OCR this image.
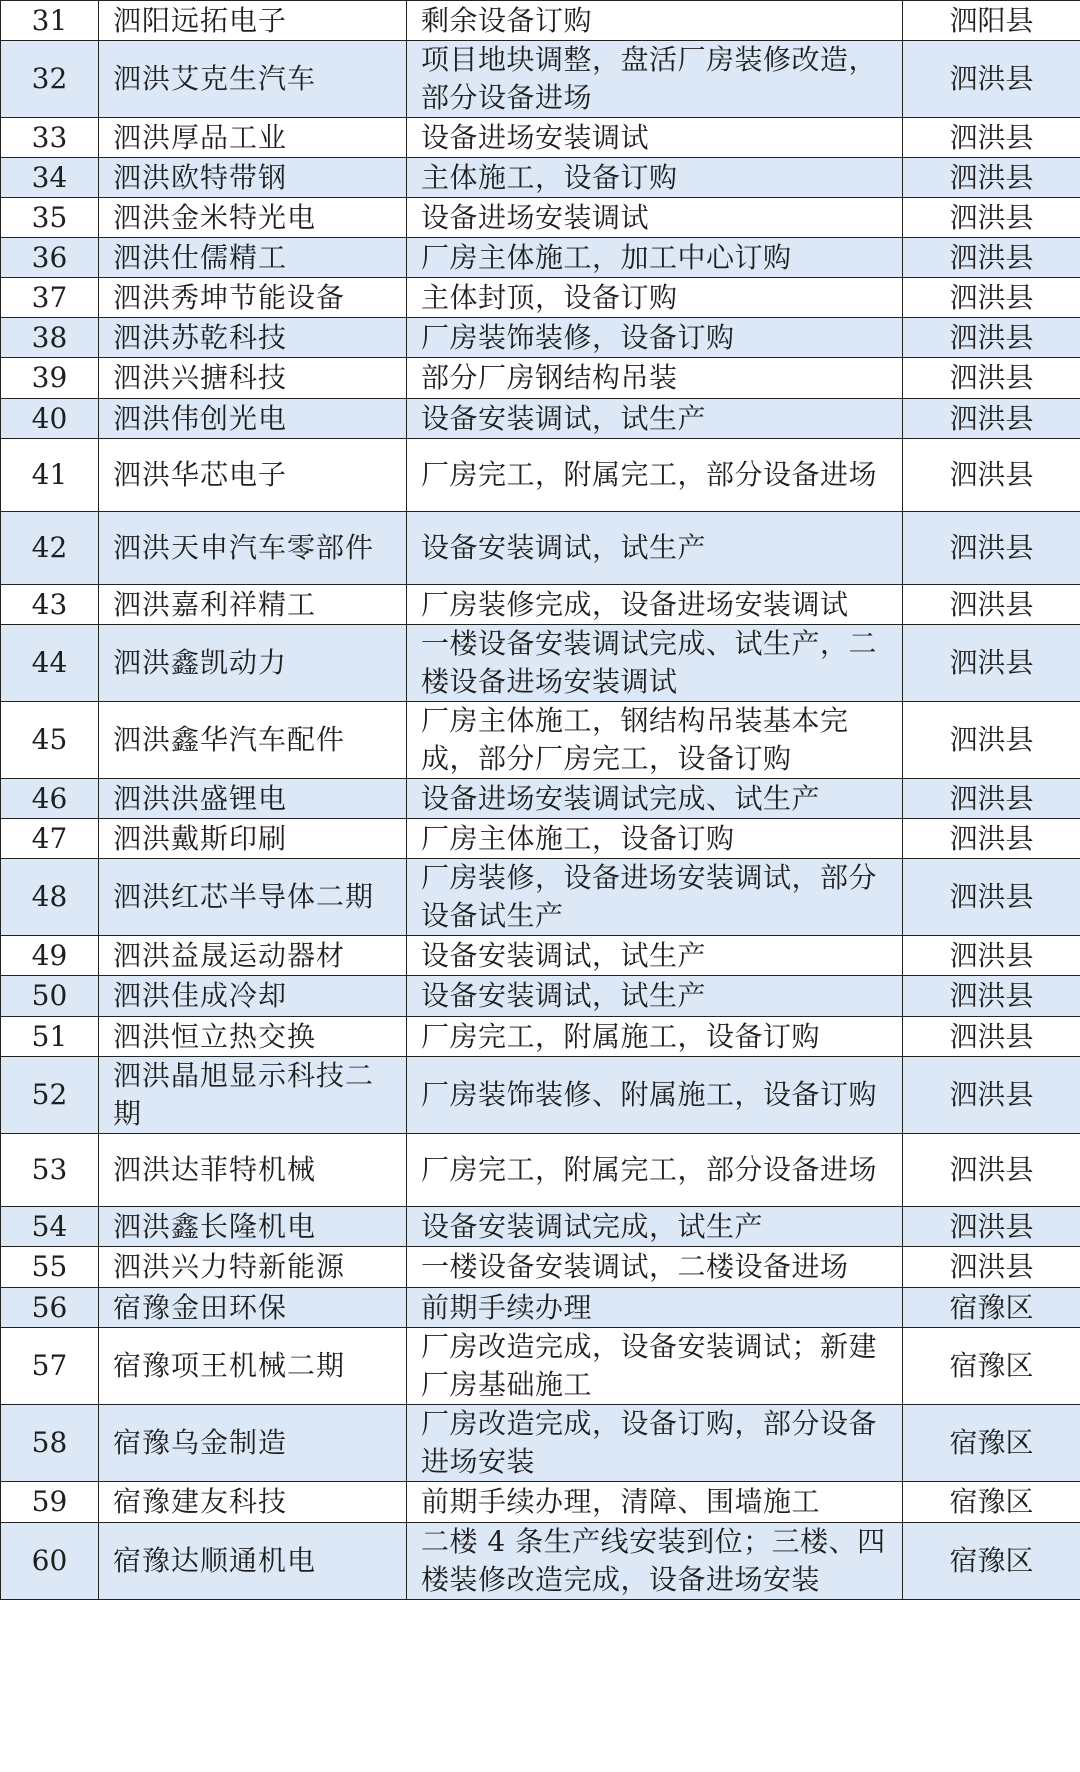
31	泗阳远拓电子	剩余设备订购	泗阳县
32	泗洪艾克生汽车	项目地块调整，盘活厂房装修改造，部分设备进场	泗洪县
33	泗洪厚品工业	设备进场安装调试	泗洪县
34	泗洪欧特带钢	主体施工，设备订购	泗洪县
35	泗洪金米特光电	设备进场安装调试	泗洪县
36	泗洪仕儒精工	厂房主体施工，加工中心订购	泗洪县
37	泗洪秀坤节能设备	主体封顶，设备订购	泗洪县
38	泗洪苏乾科技	厂房装饰装修，设备订购	泗洪县
39	泗洪兴搪科技	部分厂房钢结构吊装	泗洪县
40	泗洪伟创光电	设备安装调试，试生产	泗洪县
41	泗洪华芯电子	厂房完工，附属完工，部分设备进场	泗洪县
42	泗洪天申汽车零部件	设备安装调试，试生产	泗洪县
43	泗洪嘉利祥精工	厂房装修完成，设备进场安装调试	泗洪县
44	泗洪鑫凯动力	一楼设备安装调试完成、试生产，二楼设备进场安装调试	泗洪县
45	泗洪鑫华汽车配件	厂房主体施工，钢结构吊装基本完成，部分厂房完工，设备订购	泗洪县
46	泗洪洪盛锂电	设备进场安装调试完成、试生产	泗洪县
47	泗洪戴斯印刷	厂房主体施工，设备订购	泗洪县
48	泗洪红芯半导体二期	厂房装修，设备进场安装调试，部分设备试生产	泗洪县
49	泗洪益晟运动器材	设备安装调试，试生产	泗洪县
50	泗洪佳成冷却	设备安装调试，试生产	泗洪县
51	泗洪恒立热交换	厂房完工，附属施工，设备订购	泗洪县
52	泗洪晶旭显示科技二期	厂房装饰装修、附属施工，设备订购	泗洪县
53	泗洪达菲特机械	厂房完工，附属完工，部分设备进场	泗洪县
54	泗洪鑫长隆机电	设备安装调试完成，试生产	泗洪县
55	泗洪兴力特新能源	一楼设备安装调试，二楼设备进场	泗洪县
56	宿豫金田环保	前期手续办理	宿豫区
57	宿豫项王机械二期	厂房改造完成，设备安装调试；新建厂房基础施工	宿豫区
58	宿豫乌金制造	厂房改造完成，设备订购，部分设备进场安装	宿豫区
59	宿豫建友科技	前期手续办理，清障、围墙施工	宿豫区
60	宿豫达顺通机电	二楼 4 条生产线安装到位；三楼、四楼装修改造完成，设备进场安装	宿豫区
